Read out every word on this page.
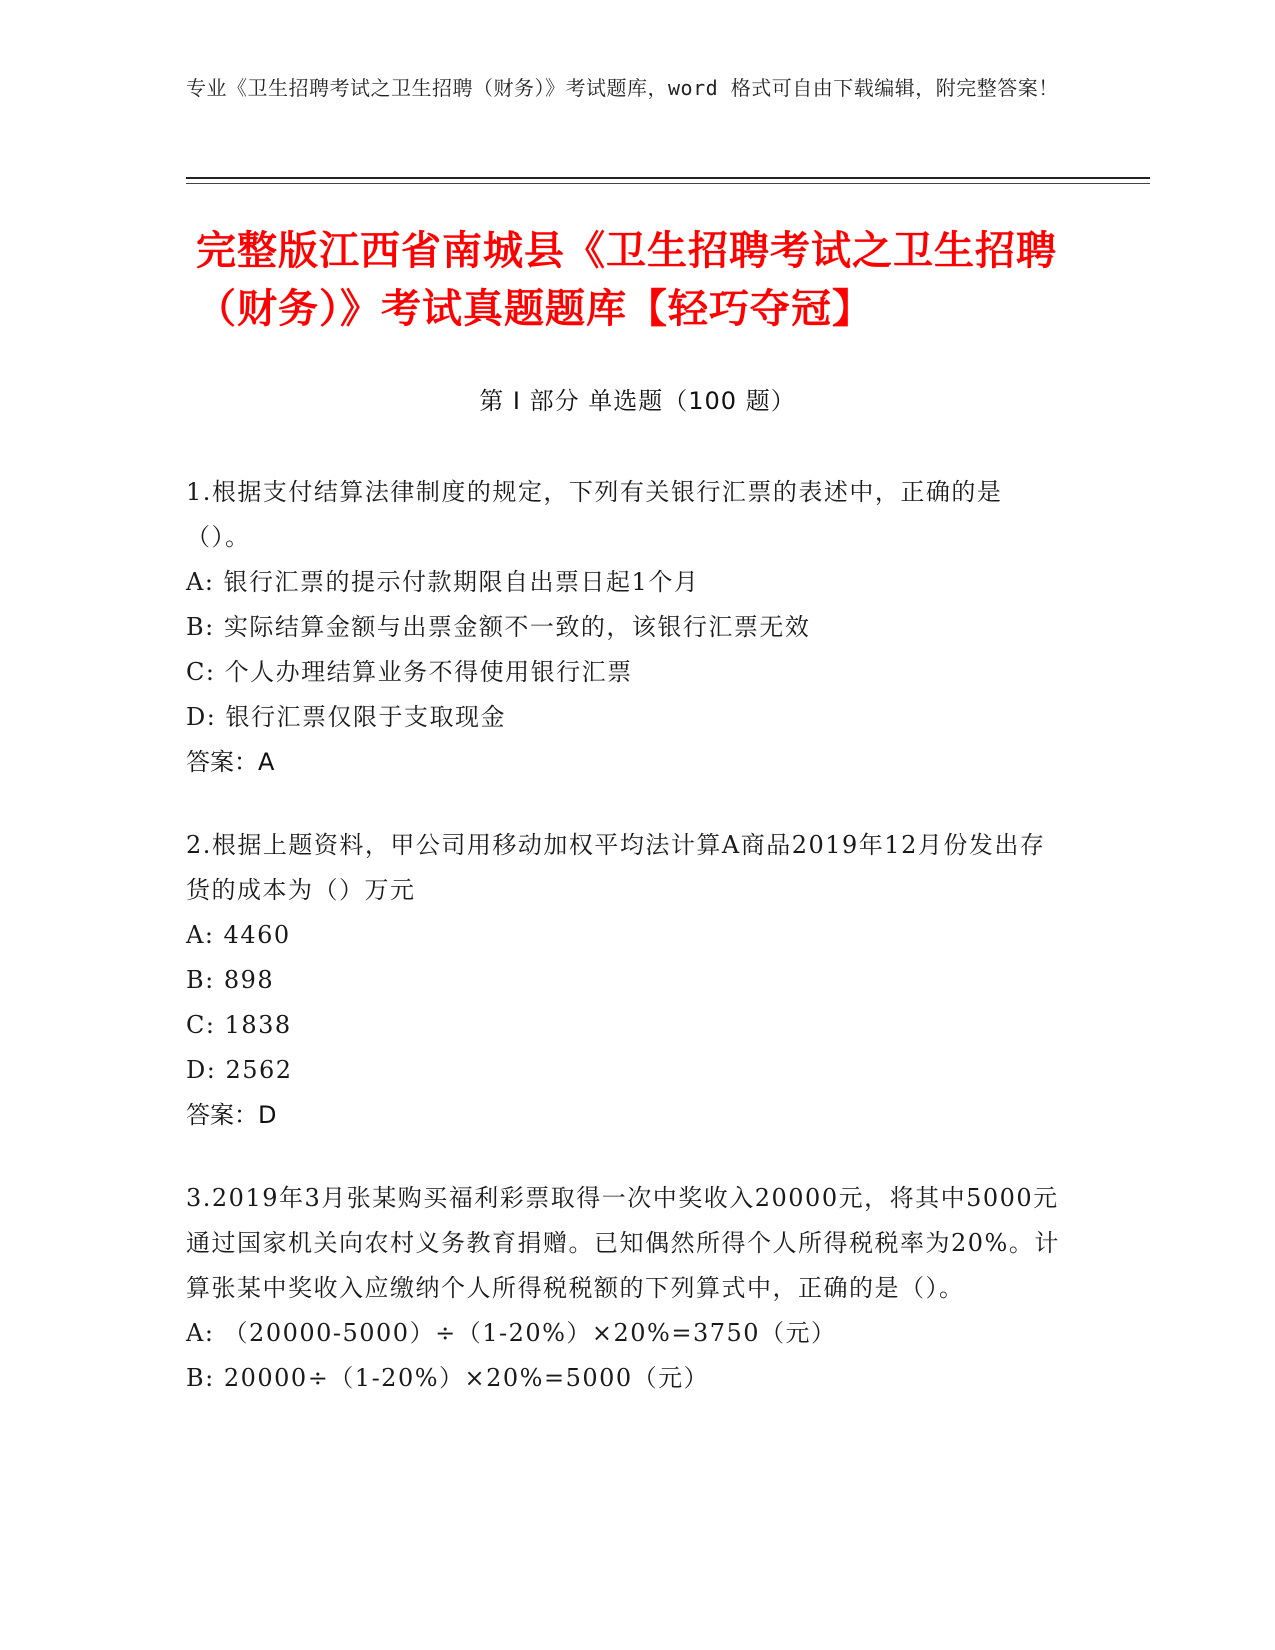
专业《卫生招聘考试之卫生招聘（财务）》考试题库，word 格式可自由下载编辑，附完整答案！
完整版江西省南城县《卫生招聘考试之卫生招聘（财务）》考试真题题库【轻巧夺冠】
第 I 部分 单选题（100 题）
1.根据支付结算法律制度的规定，下列有关银行汇票的表述中，正确的是（）。
A: 银行汇票的提示付款期限自出票日起1个月
B: 实际结算金额与出票金额不一致的，该银行汇票无效
C: 个人办理结算业务不得使用银行汇票
D: 银行汇票仅限于支取现金
答案：A
2.根据上题资料，甲公司用移动加权平均法计算A商品2019年12月份发出存货的成本为（）万元
A: 4460
B: 898
C: 1838
D: 2562
答案：D
3.2019年3月张某购买福利彩票取得一次中奖收入20000元，将其中5000元通过国家机关向农村义务教育捐赠。已知偶然所得个人所得税税率为20%。计算张某中奖收入应缴纳个人所得税税额的下列算式中，正确的是（）。
A: （20000-5000）÷（1-20%）×20%=3750（元）
B: 20000÷（1-20%）×20%=5000（元）
